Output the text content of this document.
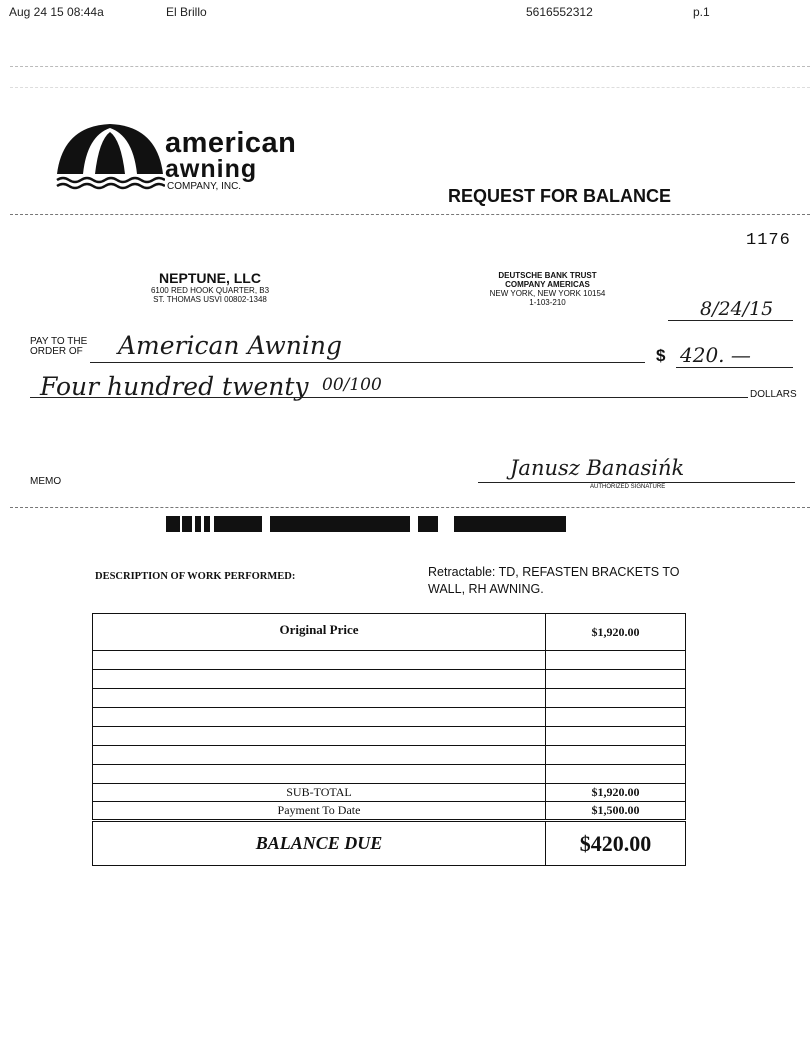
Aug 24 15 08:44a	El Brillo	5616552312	p.1
american
awning
COMPANY, INC.	REQUEST FOR BALANCE
1176
NEPTUNE, LLC
6100 RED HOOK QUARTER, B3
ST. THOMAS USVI 00802-1348
DEUTSCHE BANK TRUST
COMPANY AMERICAS
NEW YORK, NEW YORK 10154
1-103-210	8/24/15
PAY TO THE
ORDER OF American Awning	$ 420. —
Four hundred twenty 00/100	DOLLARS
MEMO
Janusz Banasińk
AUTHORIZED SIGNATURE
DESCRIPTION OF WORK PERFORMED:	Retractable: TD, REFASTEN BRACKETS TO
WALL, RH AWNING.
Original Price	$1,920.00

SUB-TOTAL	$1,920.00
Payment To Date	$1,500.00
BALANCE DUE	$420.00
